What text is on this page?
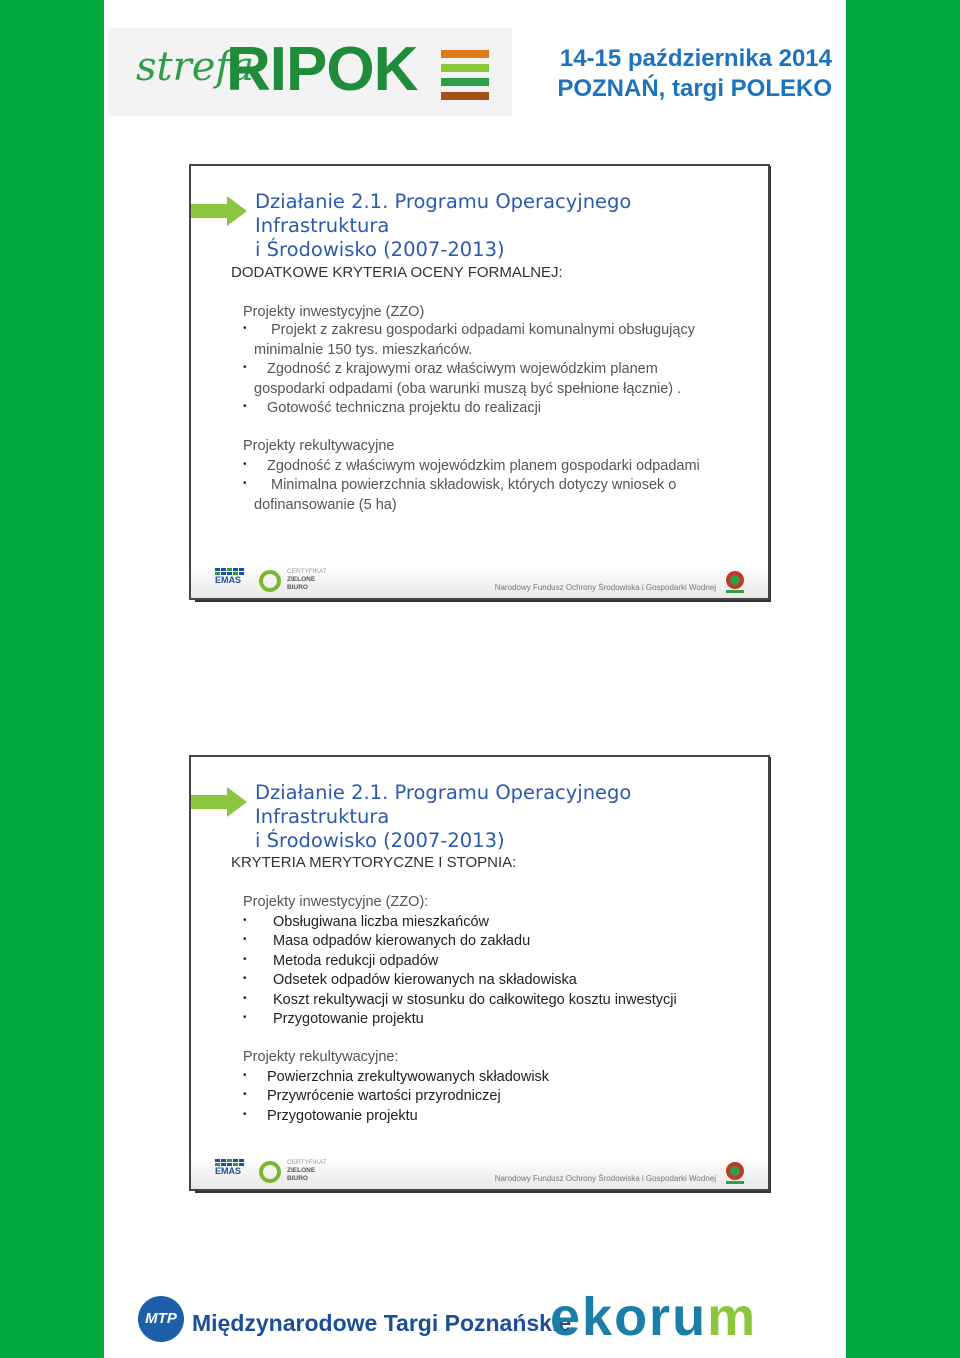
strefa
RIPOK	14-15 października 2014
POZNAŃ, targi POLEKO
Działanie 2.1. Programu Operacyjnego Infrastruktura
i Środowisko (2007-2013)
DODATKOWE KRYTERIA OCENY FORMALNEJ:
Projekty inwestycyjne (ZZO)
• Projekt z zakresu gospodarki odpadami komunalnymi obsługujący
minimalnie 150 tys. mieszkańców.
• Zgodność z krajowymi oraz właściwym wojewódzkim planem
gospodarki odpadami (oba warunki muszą być spełnione łącznie) .
• Gotowość techniczna projektu do realizacji
Projekty rekultywacyjne
• Zgodność z właściwym wojewódzkim planem gospodarki odpadami
• Minimalna powierzchnia składowisk, których dotyczy wniosek o
dofinansowanie (5 ha)
EMAS
CERTYFIKAT
ZIELONE
BIURO	Narodowy Fundusz Ochrony Środowiska i Gospodarki Wodnej
Działanie 2.1. Programu Operacyjnego Infrastruktura
i Środowisko (2007-2013)
KRYTERIA MERYTORYCZNE I STOPNIA:
Projekty inwestycyjne (ZZO):
• Obsługiwana liczba mieszkańców
• Masa odpadów kierowanych do zakładu
• Metoda redukcji odpadów
• Odsetek odpadów kierowanych na składowiska
• Koszt rekultywacji w stosunku do całkowitego kosztu inwestycji
• Przygotowanie projektu
Projekty rekultywacyjne:
• Powierzchnia zrekultywowanych składowisk
• Przywrócenie wartości przyrodniczej
• Przygotowanie projektu
EMAS
CERTYFIKAT
ZIELONE
BIURO	Narodowy Fundusz Ochrony Środowiska i Gospodarki Wodnej
MTP Międzynarodowe Targi Poznańskie
ekorum
